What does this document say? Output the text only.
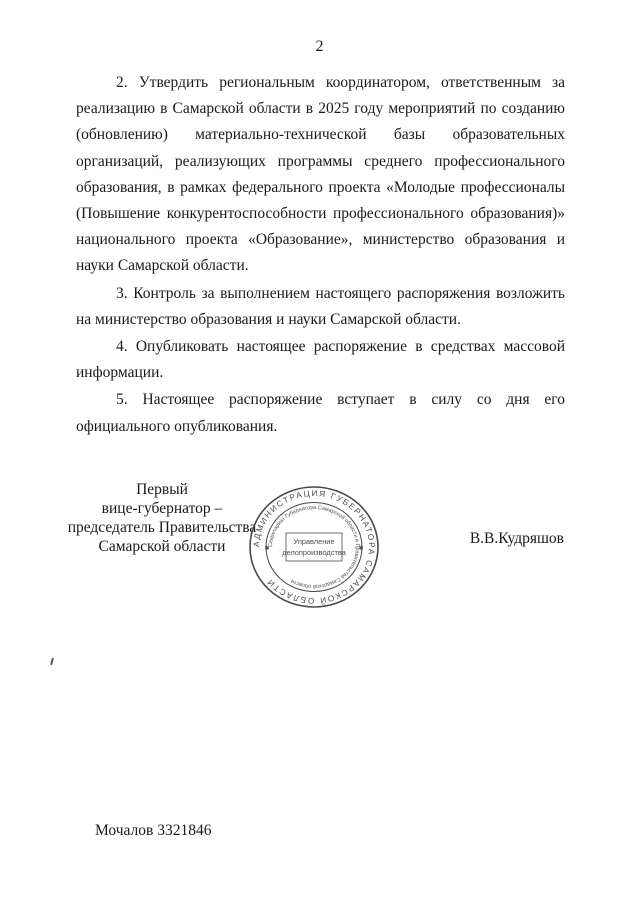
2

2. Утвердить региональным координатором, ответственным за реализацию в Самарской области в 2025 году мероприятий по созданию (обновлению) материально-технической базы образовательных организаций, реализующих программы среднего профессионального образования, в рамках федерального проекта «Молодые профессионалы (Повышение конкурентоспособности профессионального образования)» национального проекта «Образование», министерство образования и науки Самарской области.

3. Контроль за выполнением настоящего распоряжения возложить на министерство образования и науки Самарской области.

4. Опубликовать настоящее распоряжение в средствах массовой информации.

5. Настоящее распоряжение вступает в силу со дня его официального опубликования.

Первый
вице-губернатор –
председатель Правительства
Самарской области	АДМИНИСТРАЦИЯ ГУБЕРНАТОРА САМАРСКОЙ ОБЛАСТИ
Секретариат Губернатора Самарской области и Правительства Самарской области
Управление
делопроизводства
✱	✱
В.В.Кудряшов
Мочалов 3321846
